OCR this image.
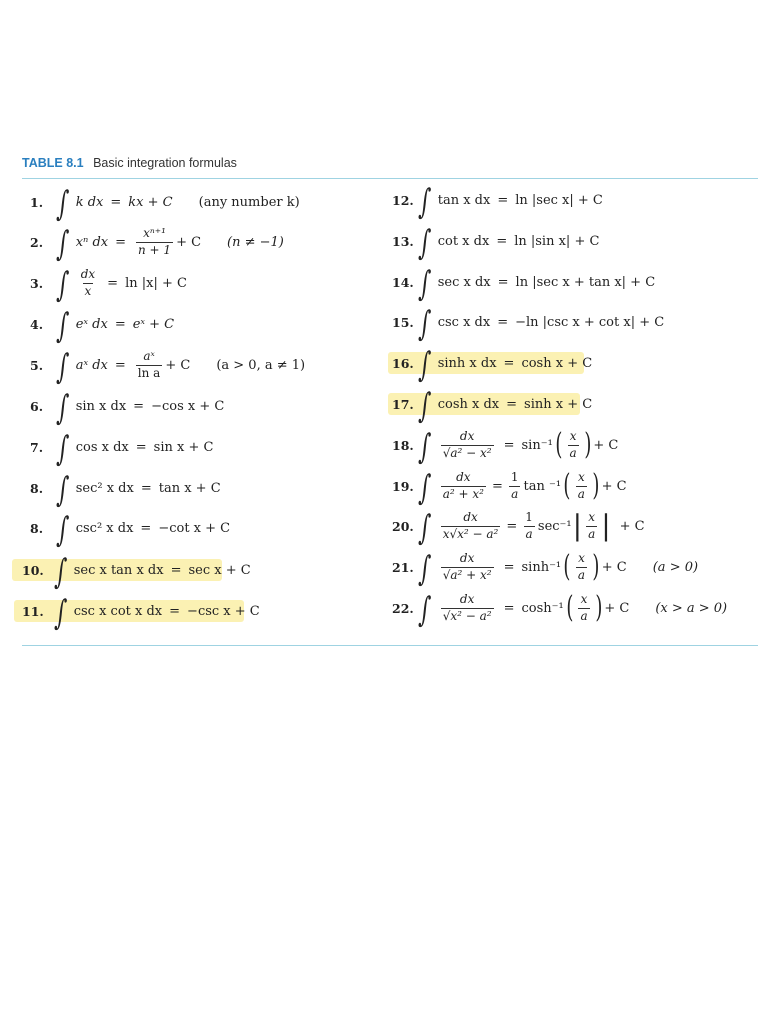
TABLE 8.1 Basic integration formulas
1. ∫ k dx = kx + C (any number k)
2. ∫ xⁿ dx = $\frac{\text{xⁿ⁺¹}}{n + 1} + C$ (n ≠ −1)
3. ∫ $\frac{dx}{x} = \ln |x| + C$
4. ∫ eˣ dx = eˣ + C
5. ∫ aˣ dx = $\frac{\text{aˣ}}{\text{ln a}} + C$ (a > 0, a ≠ 1)
6. ∫ sin x dx = −cos x + C
7. ∫ cos x dx = sin x + C
8. ∫ sec² x dx = tan x + C
8. ∫ csc² x dx = −cot x + C
10. ∫ sec x tan x dx = sec x + C
11. ∫ csc x cot x dx = −csc x + C
12. ∫ tan x dx = ln |sec x| + C
13. ∫ cot x dx = ln |sin x| + C
14. ∫ sec x dx = ln |sec x + tan x| + C
15. ∫ csc x dx = −ln |csc x + cot x| + C
16. ∫ sinh x dx = cosh x + C
17. ∫ cosh x dx = sinh x + C
18. ∫ $\frac{dx}{\text{√a² − x²}} = \sin^{-1}$ ( $\frac{x}{a}$ ) + C
19. ∫ $\frac{dx}{\text{a² + x²}} = \frac{1}{a}$ tan ⁻¹ ( $\frac{x}{a}$ ) + C
20. ∫ $\frac{dx}{\text{x√x² − a²}} = \frac{1}{a} \sec^{-1}$ | $\frac{x}{a}$ | + C
21. ∫ $\frac{dx}{\text{√a² + x²}} = \sinh^{-1}$ ( $\frac{x}{a}$ ) + C (a > 0)
22. ∫ $\frac{dx}{\text{√x² − a²}} = \cosh^{-1}$ ( $\frac{x}{a}$ ) + C (x > a > 0)
